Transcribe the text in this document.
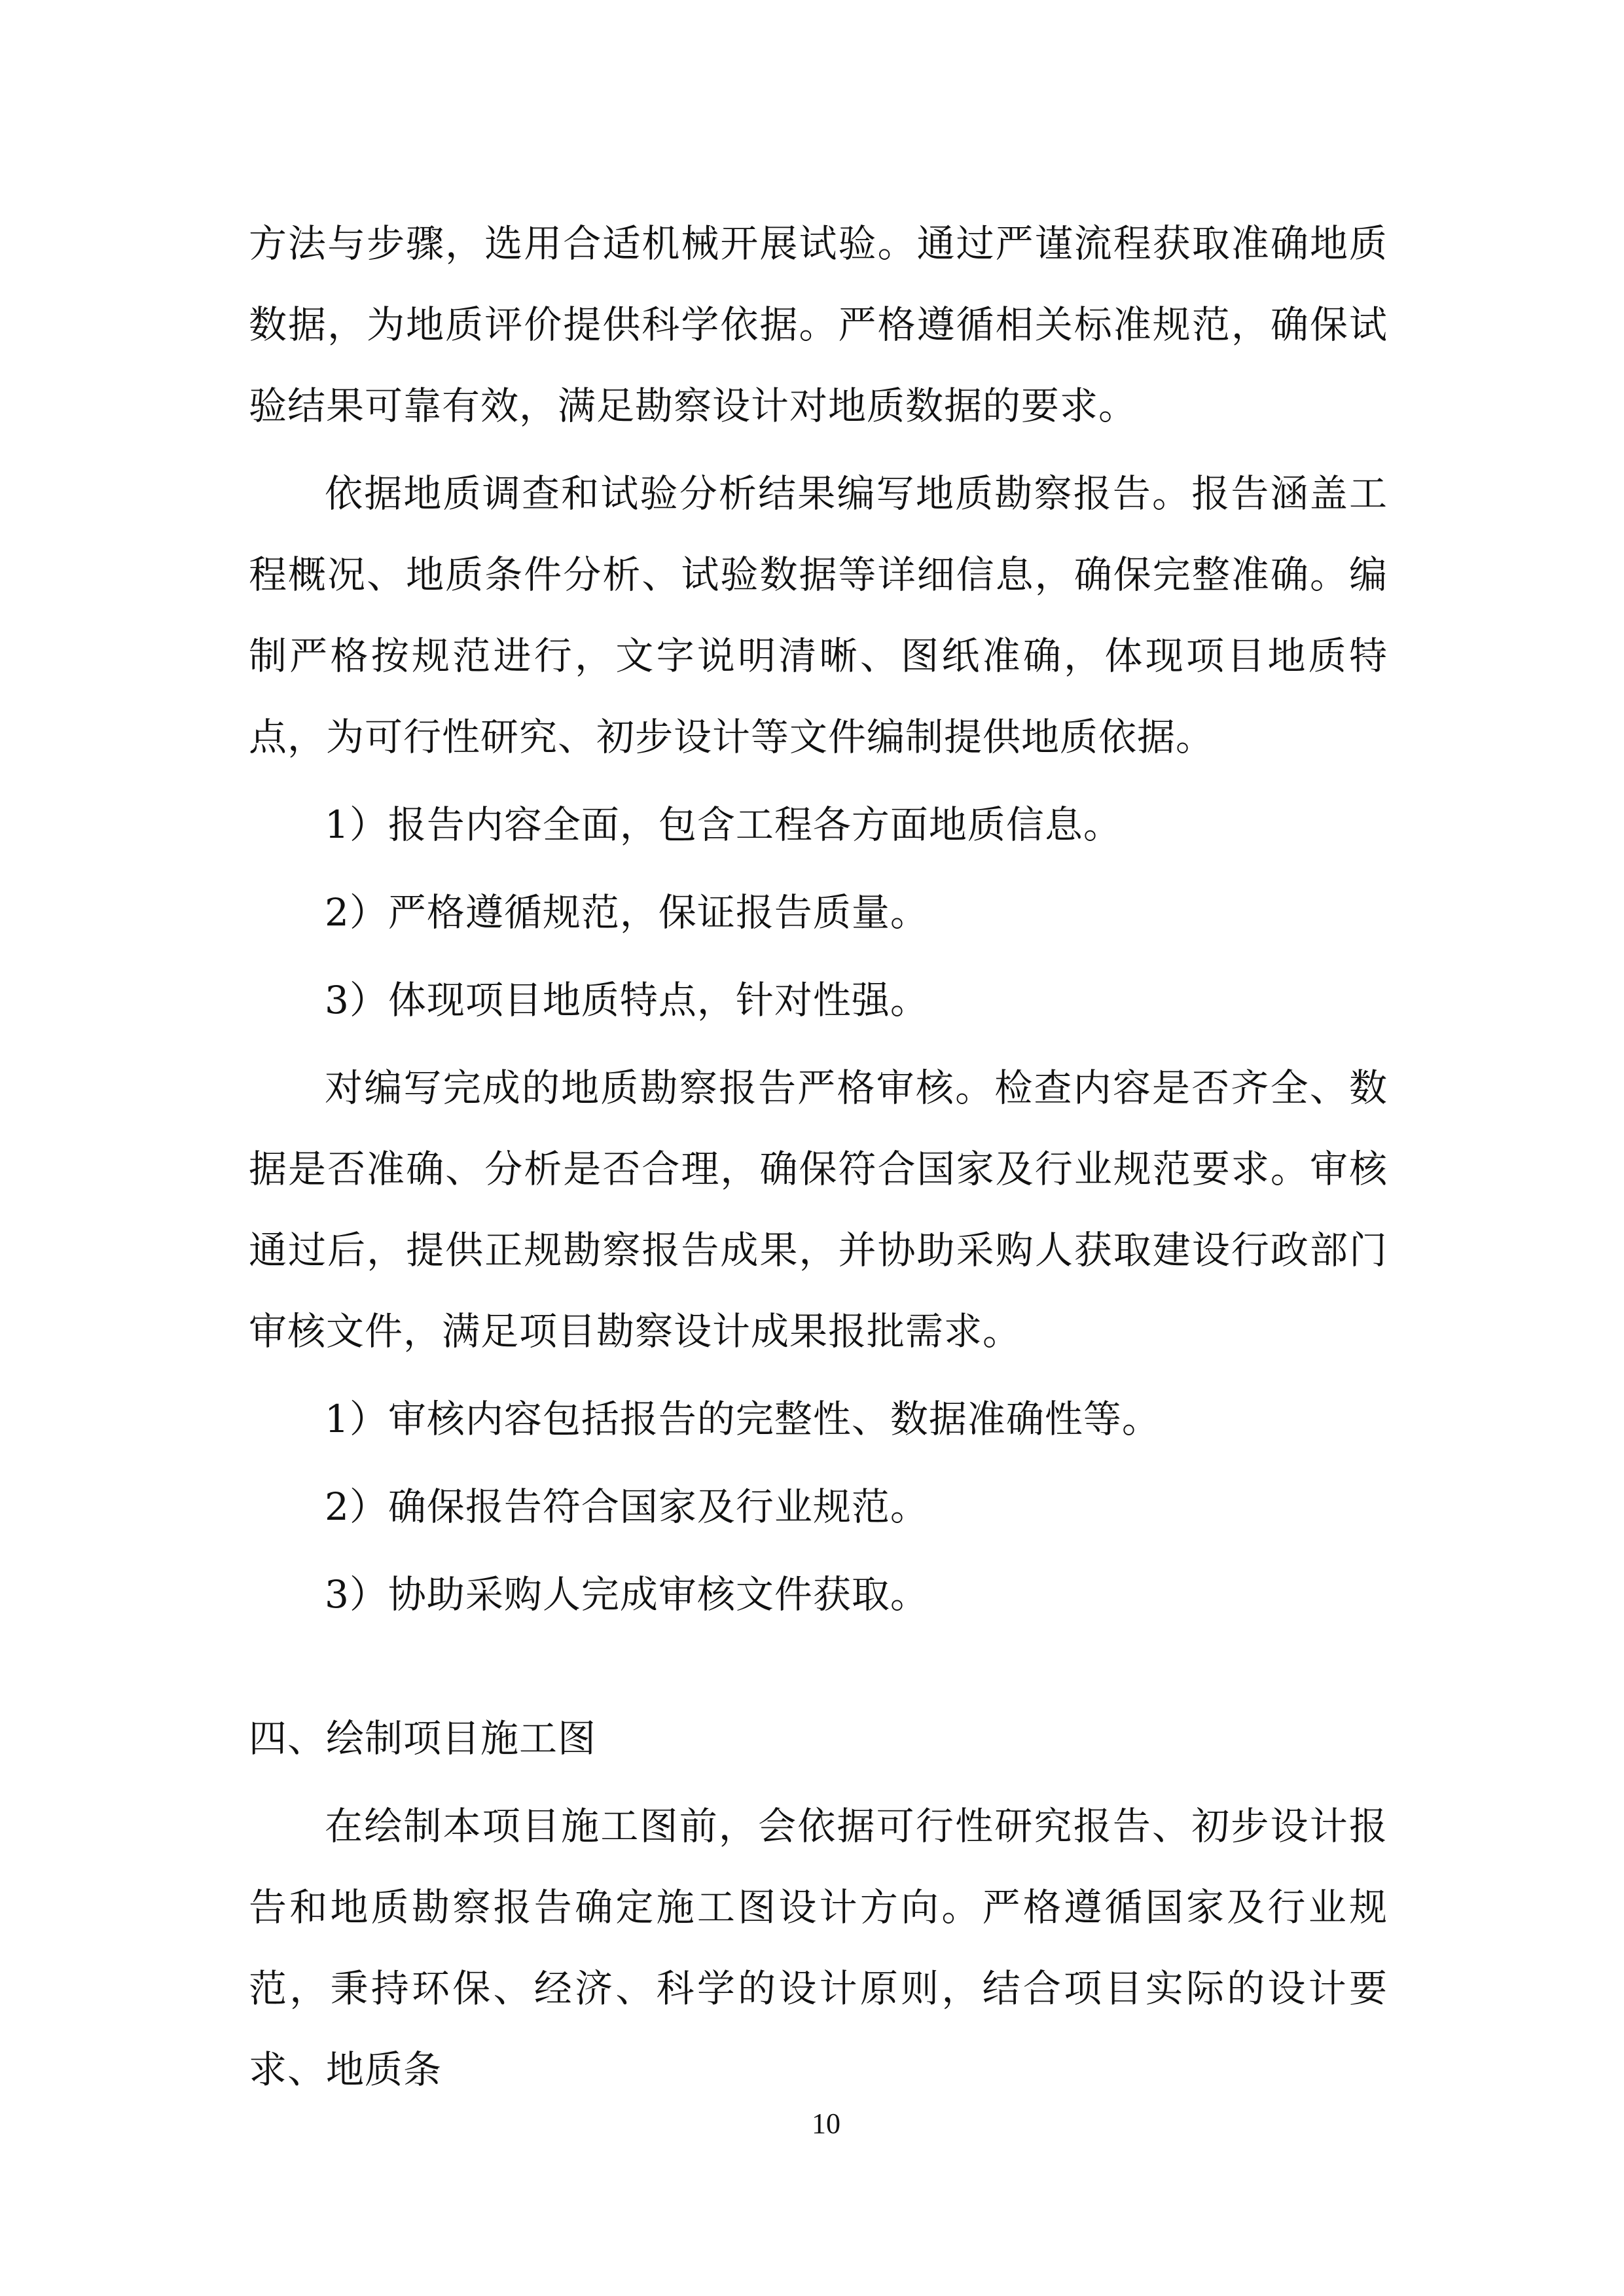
方法与步骤，选用合适机械开展试验。通过严谨流程获取准确地质数据，为地质评价提供科学依据。严格遵循相关标准规范，确保试验结果可靠有效，满足勘察设计对地质数据的要求。

依据地质调查和试验分析结果编写地质勘察报告。报告涵盖工程概况、地质条件分析、试验数据等详细信息，确保完整准确。编制严格按规范进行，文字说明清晰、图纸准确，体现项目地质特点，为可行性研究、初步设计等文件编制提供地质依据。

1）报告内容全面，包含工程各方面地质信息。

2）严格遵循规范，保证报告质量。

3）体现项目地质特点，针对性强。

对编写完成的地质勘察报告严格审核。检查内容是否齐全、数据是否准确、分析是否合理，确保符合国家及行业规范要求。审核通过后，提供正规勘察报告成果，并协助采购人获取建设行政部门审核文件，满足项目勘察设计成果报批需求。

1）审核内容包括报告的完整性、数据准确性等。

2）确保报告符合国家及行业规范。

3）协助采购人完成审核文件获取。

四、绘制项目施工图

在绘制本项目施工图前，会依据可行性研究报告、初步设计报告和地质勘察报告确定施工图设计方向。严格遵循国家及行业规范，秉持环保、经济、科学的设计原则，结合项目实际的设计要求、地质条

10
